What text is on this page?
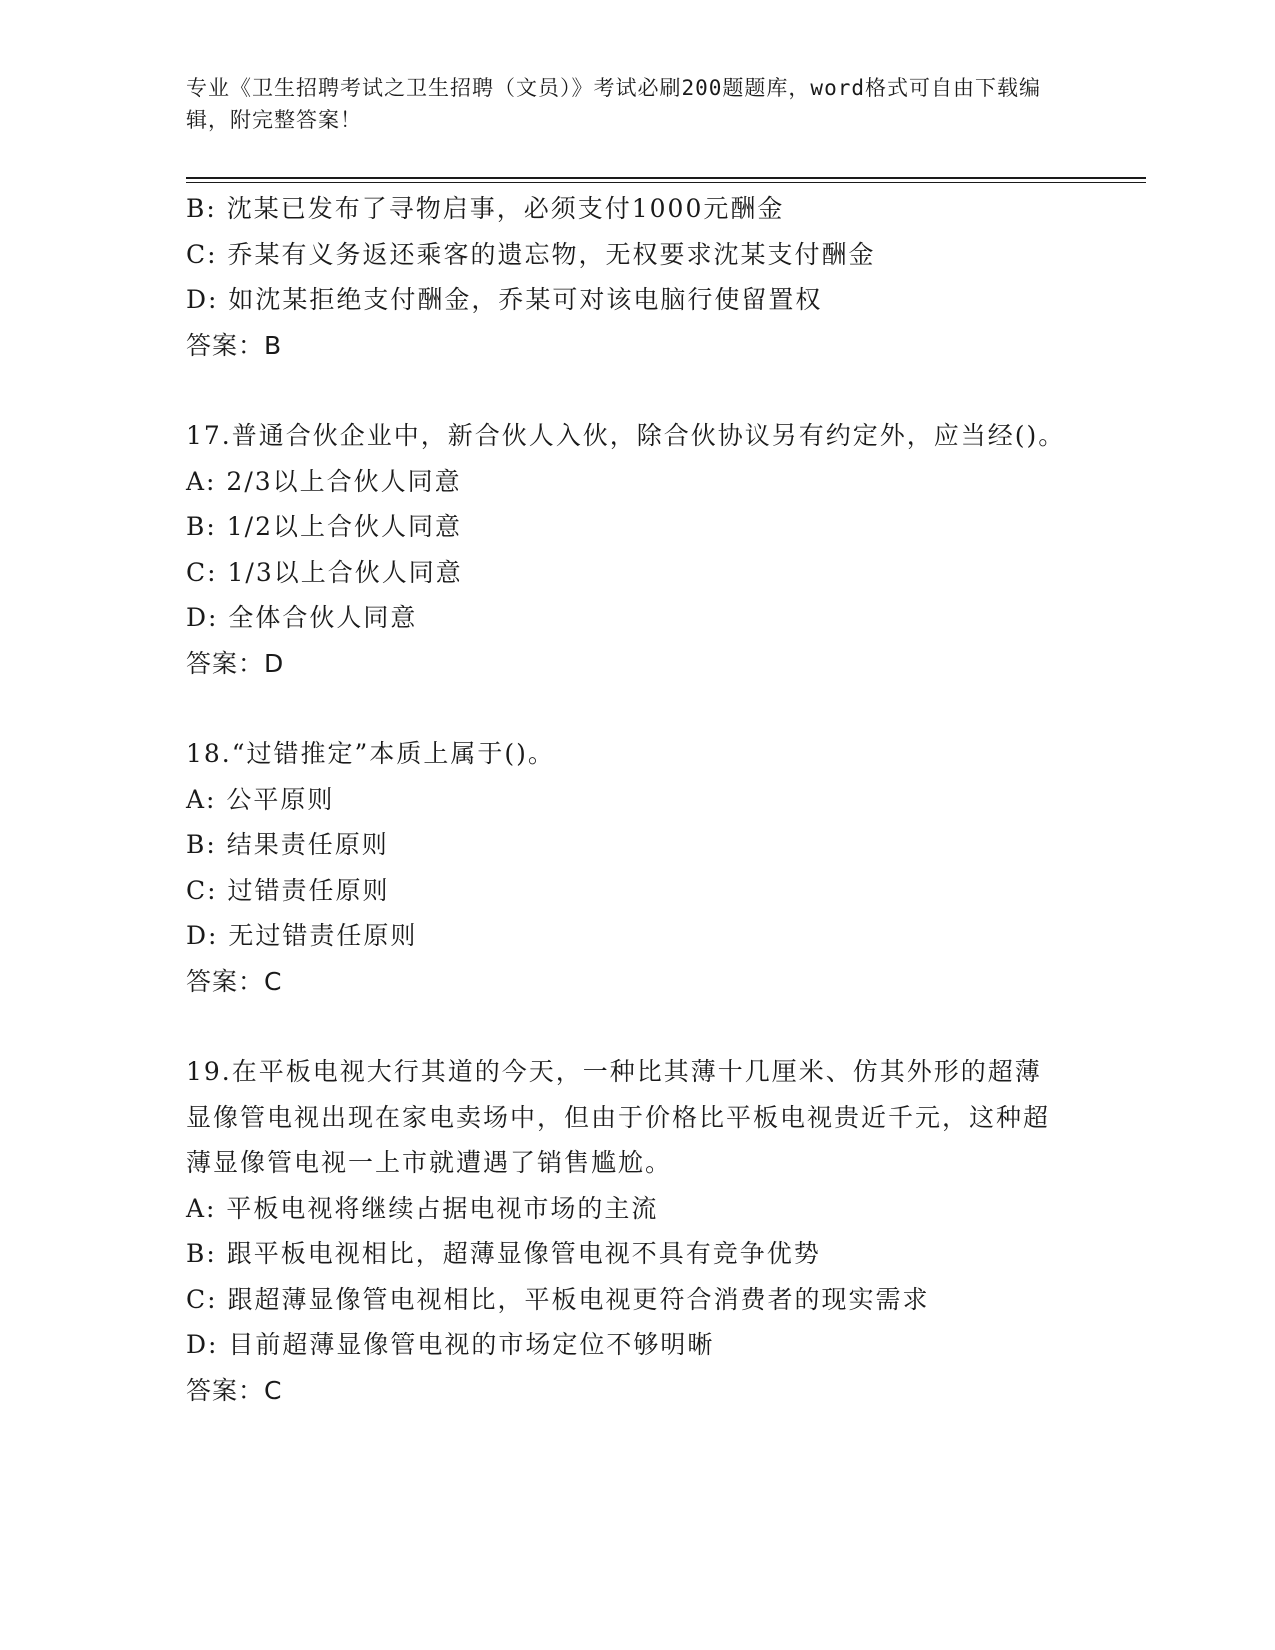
专业《卫生招聘考试之卫生招聘（文员）》考试必刷200题题库，word格式可自由下载编辑，附完整答案！
B: 沈某已发布了寻物启事，必须支付1000元酬金
C: 乔某有义务返还乘客的遗忘物，无权要求沈某支付酬金
D: 如沈某拒绝支付酬金，乔某可对该电脑行使留置权
答案：B
17.普通合伙企业中，新合伙人入伙，除合伙协议另有约定外，应当经()。
A: 2/3以上合伙人同意
B: 1/2以上合伙人同意
C: 1/3以上合伙人同意
D: 全体合伙人同意
答案：D
18.“过错推定”本质上属于()。
A: 公平原则
B: 结果责任原则
C: 过错责任原则
D: 无过错责任原则
答案：C
19.在平板电视大行其道的今天，一种比其薄十几厘米、仿其外形的超薄显像管电视出现在家电卖场中，但由于价格比平板电视贵近千元，这种超薄显像管电视一上市就遭遇了销售尴尬。
A: 平板电视将继续占据电视市场的主流
B: 跟平板电视相比，超薄显像管电视不具有竞争优势
C: 跟超薄显像管电视相比，平板电视更符合消费者的现实需求
D: 目前超薄显像管电视的市场定位不够明晰
答案：C
